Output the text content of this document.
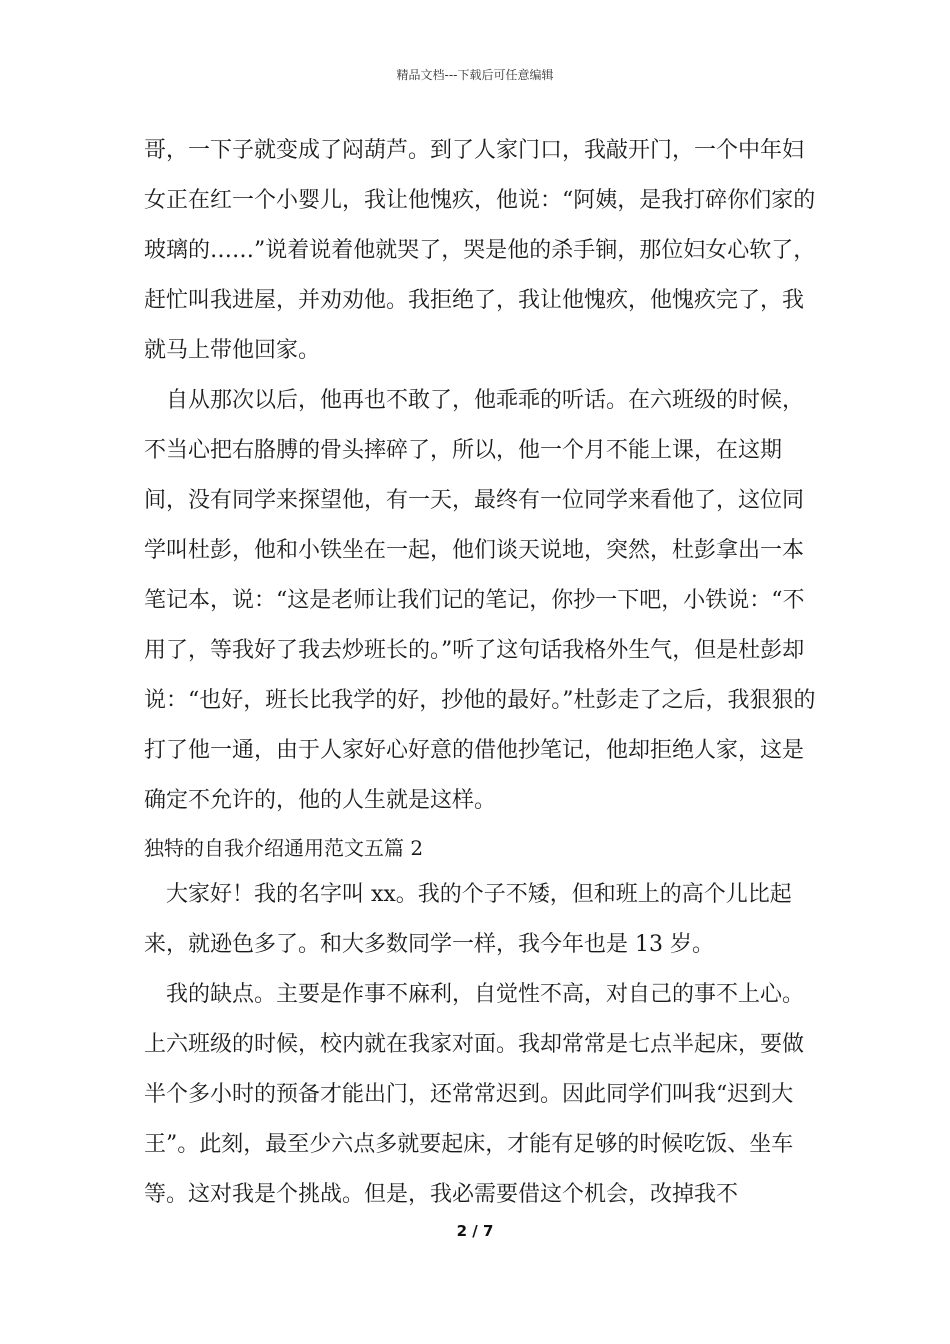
精品文档---下载后可任意编辑

哥，一下子就变成了闷葫芦。到了人家门口，我敲开门，一个中年妇女正在红一个小婴儿，我让他愧疚，他说：“阿姨，是我打碎你们家的玻璃的……”说着说着他就哭了，哭是他的杀手锏，那位妇女心软了，赶忙叫我进屋，并劝劝他。我拒绝了，我让他愧疚，他愧疚完了，我就马上带他回家。

自从那次以后，他再也不敢了，他乖乖的听话。在六班级的时候，不当心把右胳膊的骨头摔碎了，所以，他一个月不能上课，在这期间，没有同学来探望他，有一天，最终有一位同学来看他了，这位同学叫杜彭，他和小铁坐在一起，他们谈天说地，突然，杜彭拿出一本笔记本，说：“这是老师让我们记的笔记，你抄一下吧，小铁说：“不用了，等我好了我去炒班长的。”听了这句话我格外生气，但是杜彭却说：“也好，班长比我学的好，抄他的最好。”杜彭走了之后，我狠狠的打了他一通，由于人家好心好意的借他抄笔记，他却拒绝人家，这是确定不允许的，他的人生就是这样。

独特的自我介绍通用范文五篇 2

大家好！我的名字叫 xx。我的个子不矮，但和班上的高个儿比起来，就逊色多了。和大多数同学一样，我今年也是 13 岁。

我的缺点。主要是作事不麻利，自觉性不高，对自己的事不上心。上六班级的时候，校内就在我家对面。我却常常是七点半起床，要做半个多小时的预备才能出门，还常常迟到。因此同学们叫我“迟到大王”。此刻，最至少六点多就要起床，才能有足够的时候吃饭、坐车等。这对我是个挑战。但是，我必需要借这个机会，改掉我不

2 / 7
